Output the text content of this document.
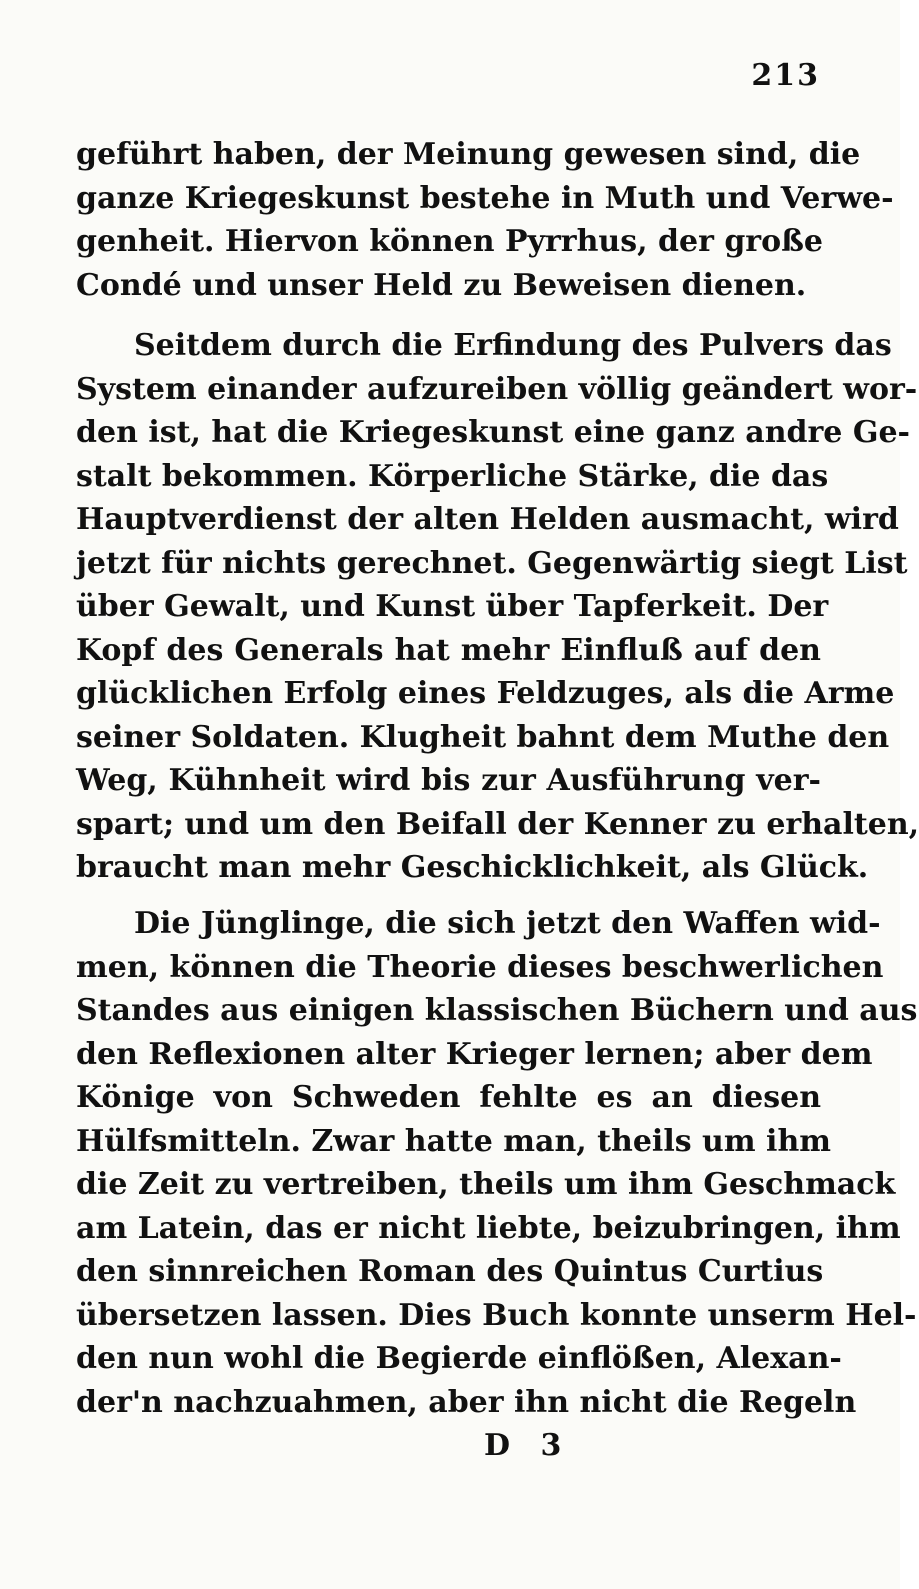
213
geführt haben, der Meinung gewesen sind, die
ganze Kriegeskunst bestehe in Muth und Verwe-
genheit. Hiervon können Pyrrhus, der große
Condé und unser Held zu Beweisen dienen.
Seitdem durch die Erfindung des Pulvers das
System einander aufzureiben völlig geändert wor-
den ist, hat die Kriegeskunst eine ganz andre Ge-
stalt bekommen. Körperliche Stärke, die das
Hauptverdienst der alten Helden ausmacht, wird
jetzt für nichts gerechnet. Gegenwärtig siegt List
über Gewalt, und Kunst über Tapferkeit. Der
Kopf des Generals hat mehr Einfluß auf den
glücklichen Erfolg eines Feldzuges, als die Arme
seiner Soldaten. Klugheit bahnt dem Muthe den
Weg, Kühnheit wird bis zur Ausführung ver-
spart; und um den Beifall der Kenner zu erhalten,
braucht man mehr Geschicklichkeit, als Glück.
Die Jünglinge, die sich jetzt den Waffen wid-
men, können die Theorie dieses beschwerlichen
Standes aus einigen klassischen Büchern und aus
den Reflexionen alter Krieger lernen; aber dem
Könige von Schweden fehlte es an diesen
Hülfsmitteln. Zwar hatte man, theils um ihm
die Zeit zu vertreiben, theils um ihm Geschmack
am Latein, das er nicht liebte, beizubringen, ihm
den sinnreichen Roman des Quintus Curtius
übersetzen lassen. Dies Buch konnte unserm Hel-
den nun wohl die Begierde einflößen, Alexan-
der'n nachzuahmen, aber ihn nicht die Regeln
D 3
